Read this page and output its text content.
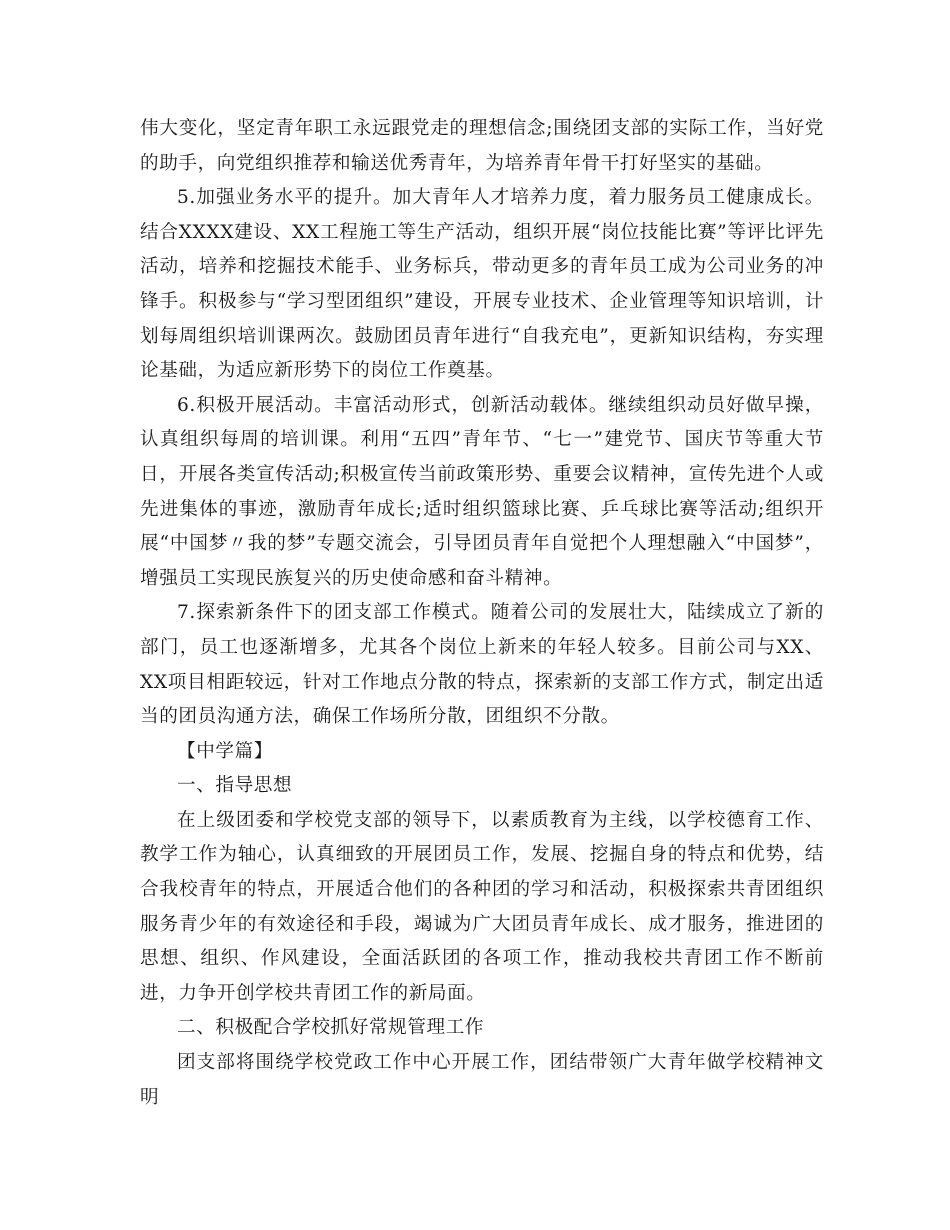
伟大变化，坚定青年职工永远跟党走的理想信念;围绕团支部的实际工作，当好党的助手，向党组织推荐和输送优秀青年，为培养青年骨干打好坚实的基础。

5.加强业务水平的提升。加大青年人才培养力度，着力服务员工健康成长。结合XXXX建设、XX工程施工等生产活动，组织开展“岗位技能比赛”等评比评先活动，培养和挖掘技术能手、业务标兵，带动更多的青年员工成为公司业务的冲锋手。积极参与“学习型团组织”建设，开展专业技术、企业管理等知识培训，计划每周组织培训课两次。鼓励团员青年进行“自我充电”，更新知识结构，夯实理论基础，为适应新形势下的岗位工作奠基。

6.积极开展活动。丰富活动形式，创新活动载体。继续组织动员好做早操，认真组织每周的培训课。利用“五四”青年节、“七一”建党节、国庆节等重大节日，开展各类宣传活动;积极宣传当前政策形势、重要会议精神，宣传先进个人或先进集体的事迹，激励青年成长;适时组织篮球比赛、乒乓球比赛等活动;组织开展“中国梦〃我的梦”专题交流会，引导团员青年自觉把个人理想融入“中国梦”，增强员工实现民族复兴的历史使命感和奋斗精神。

7.探索新条件下的团支部工作模式。随着公司的发展壮大，陆续成立了新的部门，员工也逐渐增多，尤其各个岗位上新来的年轻人较多。目前公司与XX、XX项目相距较远，针对工作地点分散的特点，探索新的支部工作方式，制定出适当的团员沟通方法，确保工作场所分散，团组织不分散。

【中学篇】

一、指导思想

在上级团委和学校党支部的领导下，以素质教育为主线，以学校德育工作、教学工作为轴心，认真细致的开展团员工作，发展、挖掘自身的特点和优势，结合我校青年的特点，开展适合他们的各种团的学习和活动，积极探索共青团组织服务青少年的有效途径和手段，竭诚为广大团员青年成长、成才服务，推进团的思想、组织、作风建设，全面活跃团的各项工作，推动我校共青团工作不断前进，力争开创学校共青团工作的新局面。

二、积极配合学校抓好常规管理工作

团支部将围绕学校党政工作中心开展工作，团结带领广大青年做学校精神文明
